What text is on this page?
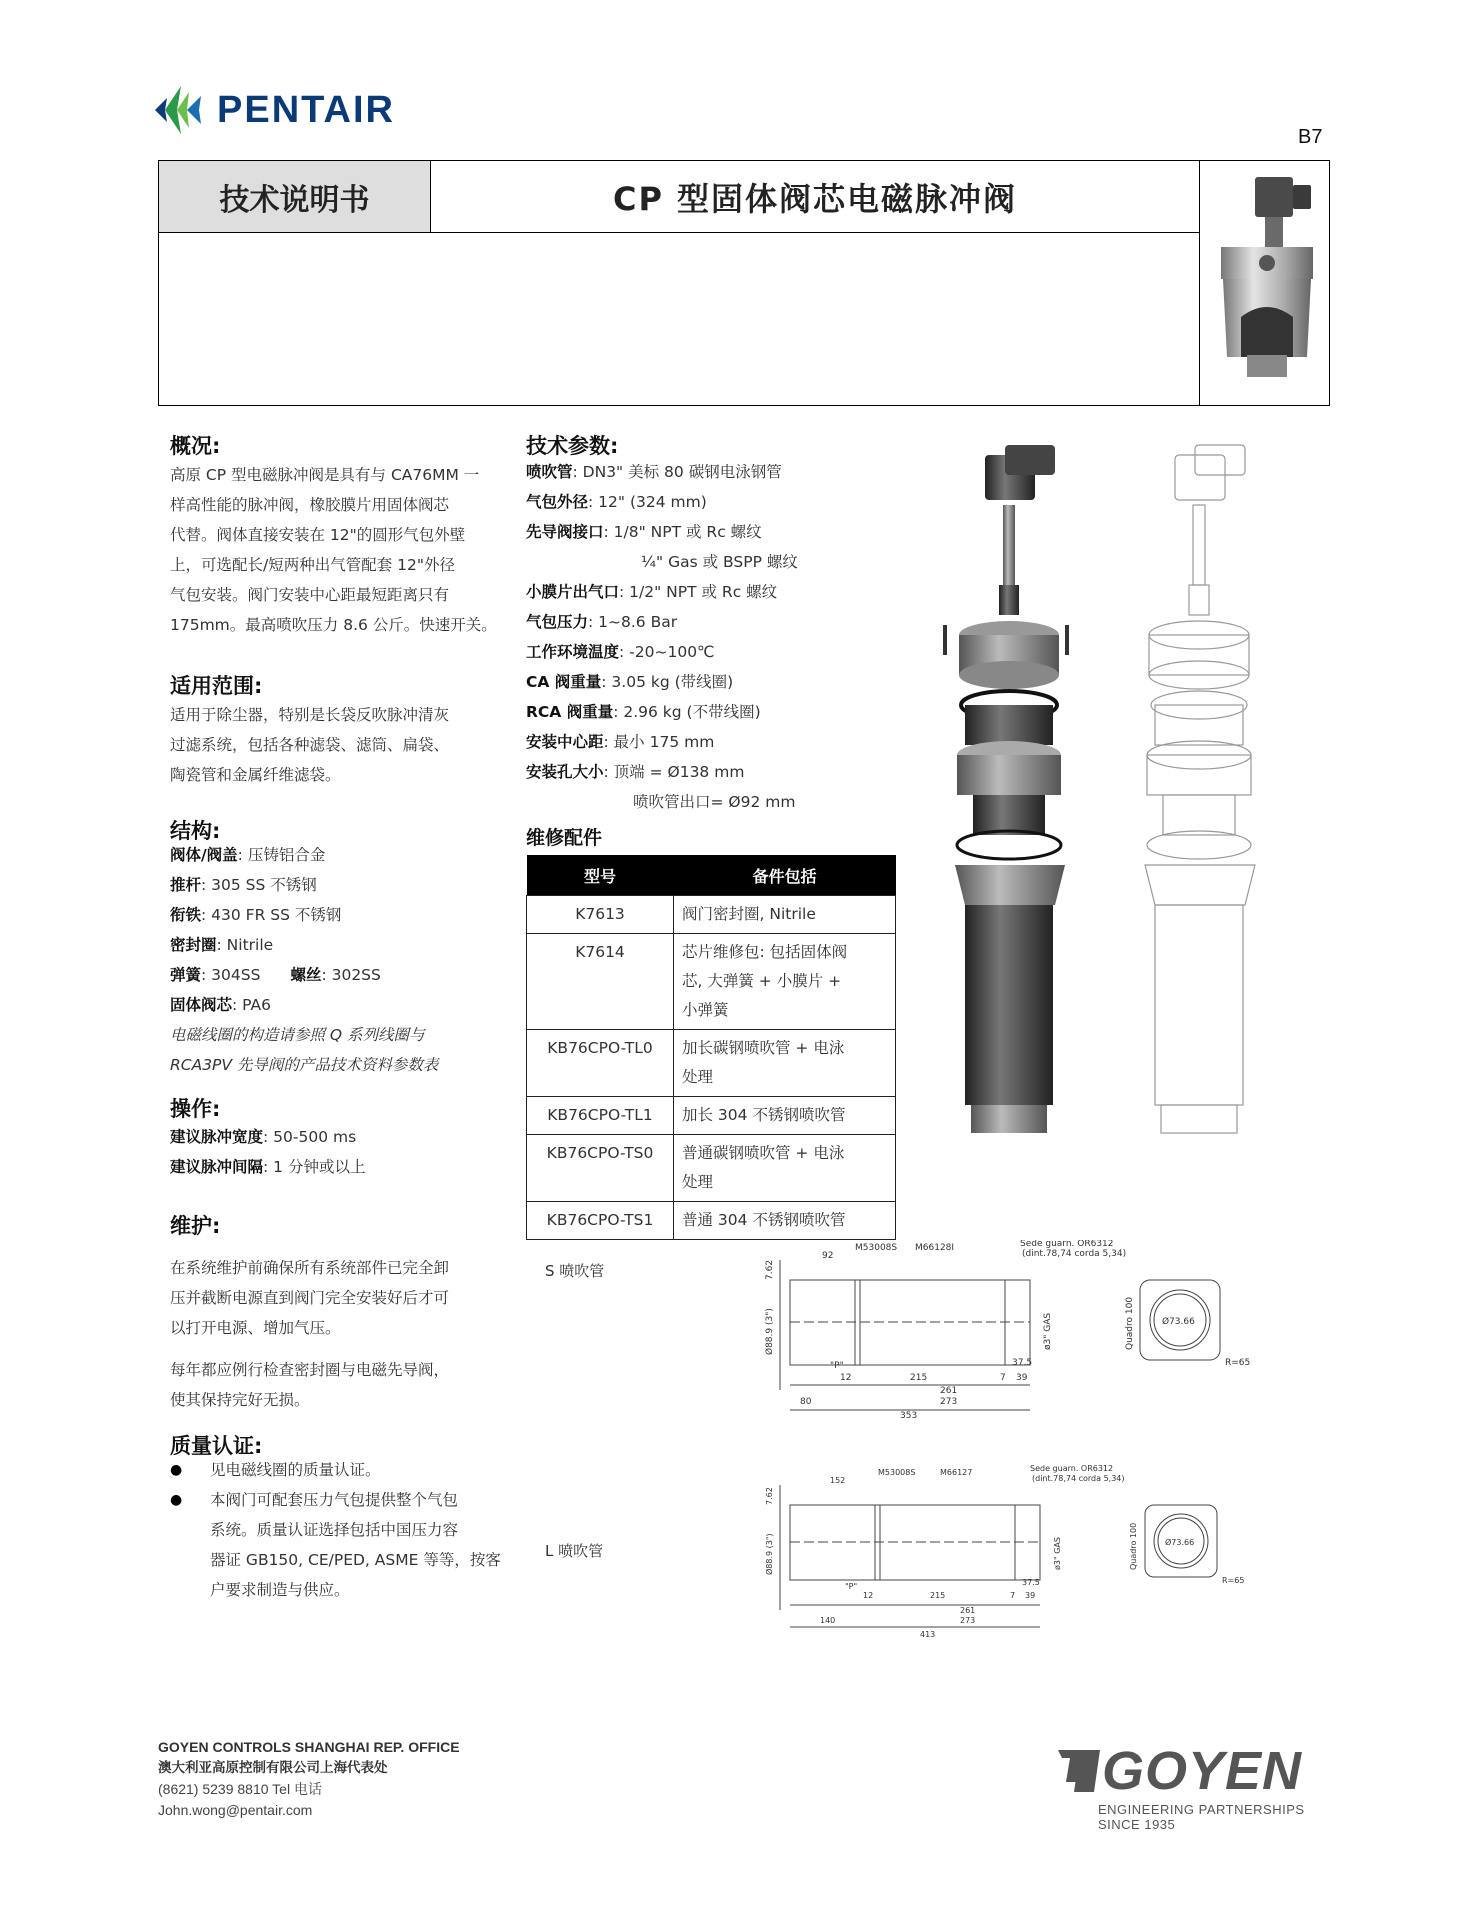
PENTAIR
B7
技术说明书	CP 型固体阀芯电磁脉冲阀
概况:
高原 CP 型电磁脉冲阀是具有与 CA76MM 一
样高性能的脉冲阀，橡胶膜片用固体阀芯
代替。阀体直接安装在 12"的圆形气包外壁
上，可选配长/短两种出气管配套 12"外径
气包安装。阀门安装中心距最短距离只有
175mm。最高喷吹压力 8.6 公斤。快速开关。
适用范围:
适用于除尘器，特别是长袋反吹脉冲清灰
过滤系统，包括各种滤袋、滤筒、扁袋、
陶瓷管和金属纤维滤袋。
结构:
阀体/阀盖: 压铸铝合金
推杆: 305 SS 不锈钢
衔铁: 430 FR SS 不锈钢
密封圈: Nitrile
弹簧: 304SS 螺丝: 302SS
固体阀芯: PA6
电磁线圈的构造请参照 Q 系列线圈与
RCA3PV 先导阀的产品技术资料参数表
操作:
建议脉冲宽度: 50-500 ms
建议脉冲间隔: 1 分钟或以上
维护:
在系统维护前确保所有系统部件已完全卸
压并截断电源直到阀门完全安装好后才可
以打开电源、增加气压。
每年都应例行检查密封圈与电磁先导阀，
使其保持完好无损。
质量认证:
● 见电磁线圈的质量认证。
● 本阀门可配套压力气包提供整个气包
系统。质量认证选择包括中国压力容
器证 GB150, CE/PED, ASME 等等，按客
户要求制造与供应。
技术参数:
喷吹管: DN3" 美标 80 碳钢电泳钢管
气包外径: 12" (324 mm)
先导阀接口: 1/8" NPT 或 Rc 螺纹
¼" Gas 或 BSPP 螺纹
小膜片出气口: 1/2" NPT 或 Rc 螺纹
气包压力: 1~8.6 Bar
工作环境温度: -20~100℃
CA 阀重量: 3.05 kg (带线圈)
RCA 阀重量: 2.96 kg (不带线圈)
安装中心距: 最小 175 mm
安装孔大小: 顶端 = Ø138 mm
喷吹管出口= Ø92 mm
维修配件
型号	备件包括
K7613	阀门密封圈, Nitrile

K7614	芯片维修包: 包括固体阀
芯, 大弹簧 + 小膜片 +
小弹簧

KB76CPO-TL0	加长碳钢喷吹管 + 电泳
处理

KB76CPO-TL1	加长 304 不锈钢喷吹管

KB76CPO-TS0	普通碳钢喷吹管 + 电泳
处理

KB76CPO-TS1	普通 304 不锈钢喷吹管
S 喷吹管
92
M53008S M66128I	Sede guarn. OR6312
(dint.78,74 corda 5,34)
7.62
Ø88.9 (3")	ø3" GAS
12	215	7 39
37.5
261
273
80
353
Quadro 100	Ø73.66
R=65
"P"
L 喷吹管
152
M53008S	M66127	Sede guarn. OR6312
(dint.78,74 corda 5,34)
7.62
Ø88.9 (3")	ø3" GAS
12	215	7 39
37.5
261
273
140
413
Quadro 100	Ø73.66
R=65
"P"
GOYEN CONTROLS SHANGHAI REP. OFFICE
澳大利亚高原控制有限公司上海代表处
(8621) 5239 8810 Tel 电话
John.wong@pentair.com
GOYEN
ENGINEERING PARTNERSHIPS SINCE 1935
